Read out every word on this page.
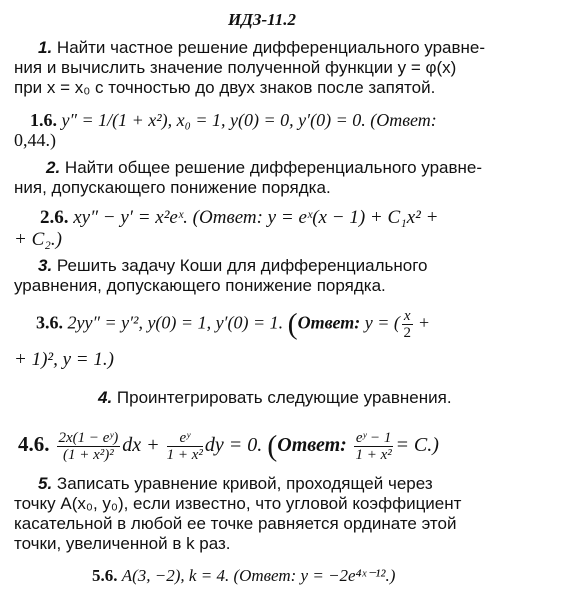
ИДЗ-11.2
1. Найти частное решение дифференциального уравне-
ния и вычислить значение полученной функции y = φ(x)
при x = x₀ с точностью до двух знаков после запятой.
1.6. y″ = 1/(1 + x²), x₀ = 1, y(0) = 0, y′(0) = 0. (Ответ:
0,44.)
2. Найти общее решение дифференциального уравне-
ния, допускающего понижение порядка.
2.6. xy″ − y′ = x²eˣ. (Ответ: y = eˣ(x − 1) + C₁x² +
+ C₂.)
3. Решить задачу Коши для дифференциального
уравнения, допускающего понижение порядка.
3.6. 2yy″ = y′², y(0) = 1, y′(0) = 1. (Ответ: y = ( $\frac{x}{2}$ +
+ 1)², y = 1.)
4. Проинтегрировать следующие уравнения.
4.6. $\frac{\text{2x(1 − eʸ)}}{\text{(1 + x²)²}}$ dx + $\frac{\text{eʸ}}{\text{1 + x²}}$ dy = 0. (Ответ: $\frac{\text{eʸ − 1}}{\text{1 + x²}} = C$.)
5. Записать уравнение кривой, проходящей через
точку A(x₀, y₀), если известно, что угловой коэффициент
касательной в любой ее точке равняется ординате этой
точки, увеличенной в k раз.
5.6. A(3, −2), k = 4. (Ответ: y = −2e⁴ˣ⁻¹².)
